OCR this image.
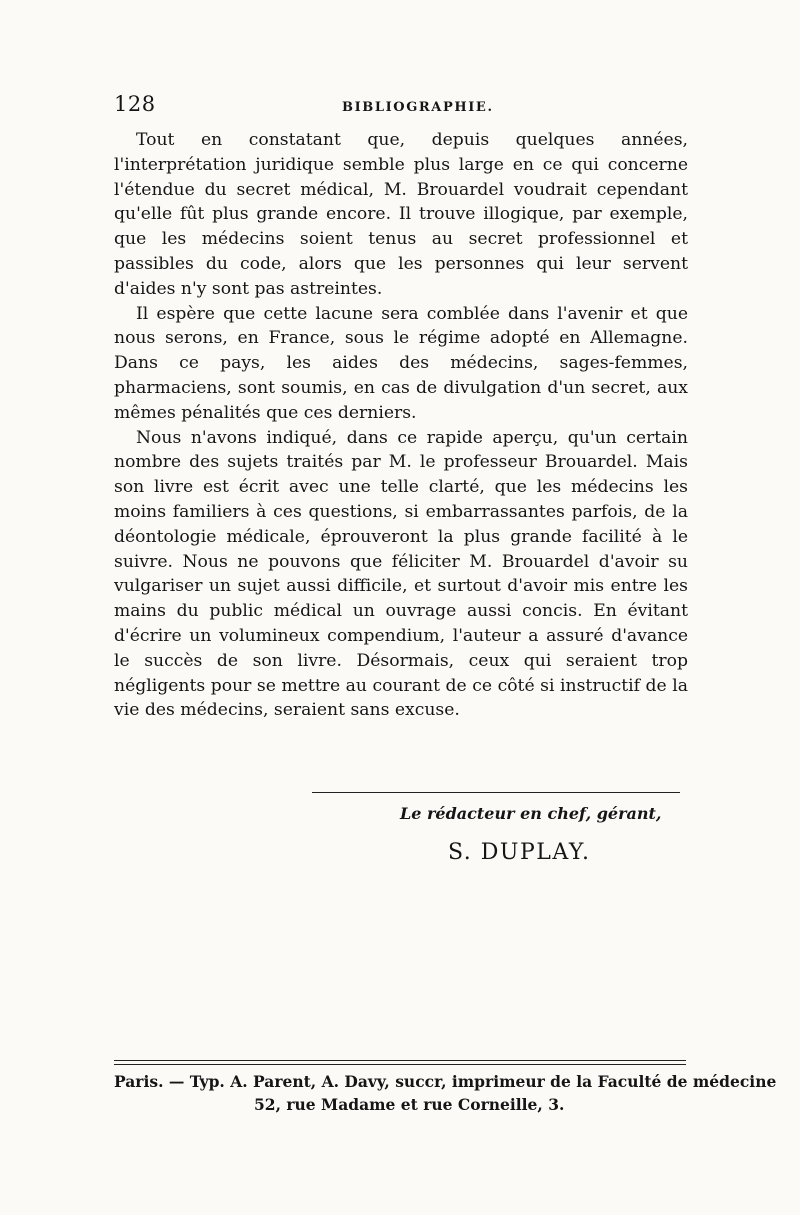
128	BIBLIOGRAPHIE.

Tout en constatant que, depuis quelques années, l'interprétation juridique semble plus large en ce qui concerne l'étendue du secret médical, M. Brouardel voudrait cependant qu'elle fût plus grande encore. Il trouve illogique, par exemple, que les médecins soient tenus au secret professionnel et passibles du code, alors que les personnes qui leur servent d'aides n'y sont pas astreintes.

Il espère que cette lacune sera comblée dans l'avenir et que nous serons, en France, sous le régime adopté en Allemagne. Dans ce pays, les aides des médecins, sages-femmes, pharmaciens, sont soumis, en cas de divulgation d'un secret, aux mêmes pénalités que ces derniers.

Nous n'avons indiqué, dans ce rapide aperçu, qu'un certain nombre des sujets traités par M. le professeur Brouardel. Mais son livre est écrit avec une telle clarté, que les médecins les moins familiers à ces questions, si embarrassantes parfois, de la déontologie médicale, éprouveront la plus grande facilité à le suivre. Nous ne pouvons que féliciter M. Brouardel d'avoir su vulgariser un sujet aussi difficile, et surtout d'avoir mis entre les mains du public médical un ouvrage aussi concis. En évitant d'écrire un volumineux compendium, l'auteur a assuré d'avance le succès de son livre. Désormais, ceux qui seraient trop négligents pour se mettre au courant de ce côté si instructif de la vie des médecins, seraient sans excuse.

Le rédacteur en chef, gérant,
S. DUPLAY.
Paris. — Typ. A. Parent, A. Davy, succr, imprimeur de la Faculté de médecine
52, rue Madame et rue Corneille, 3.
